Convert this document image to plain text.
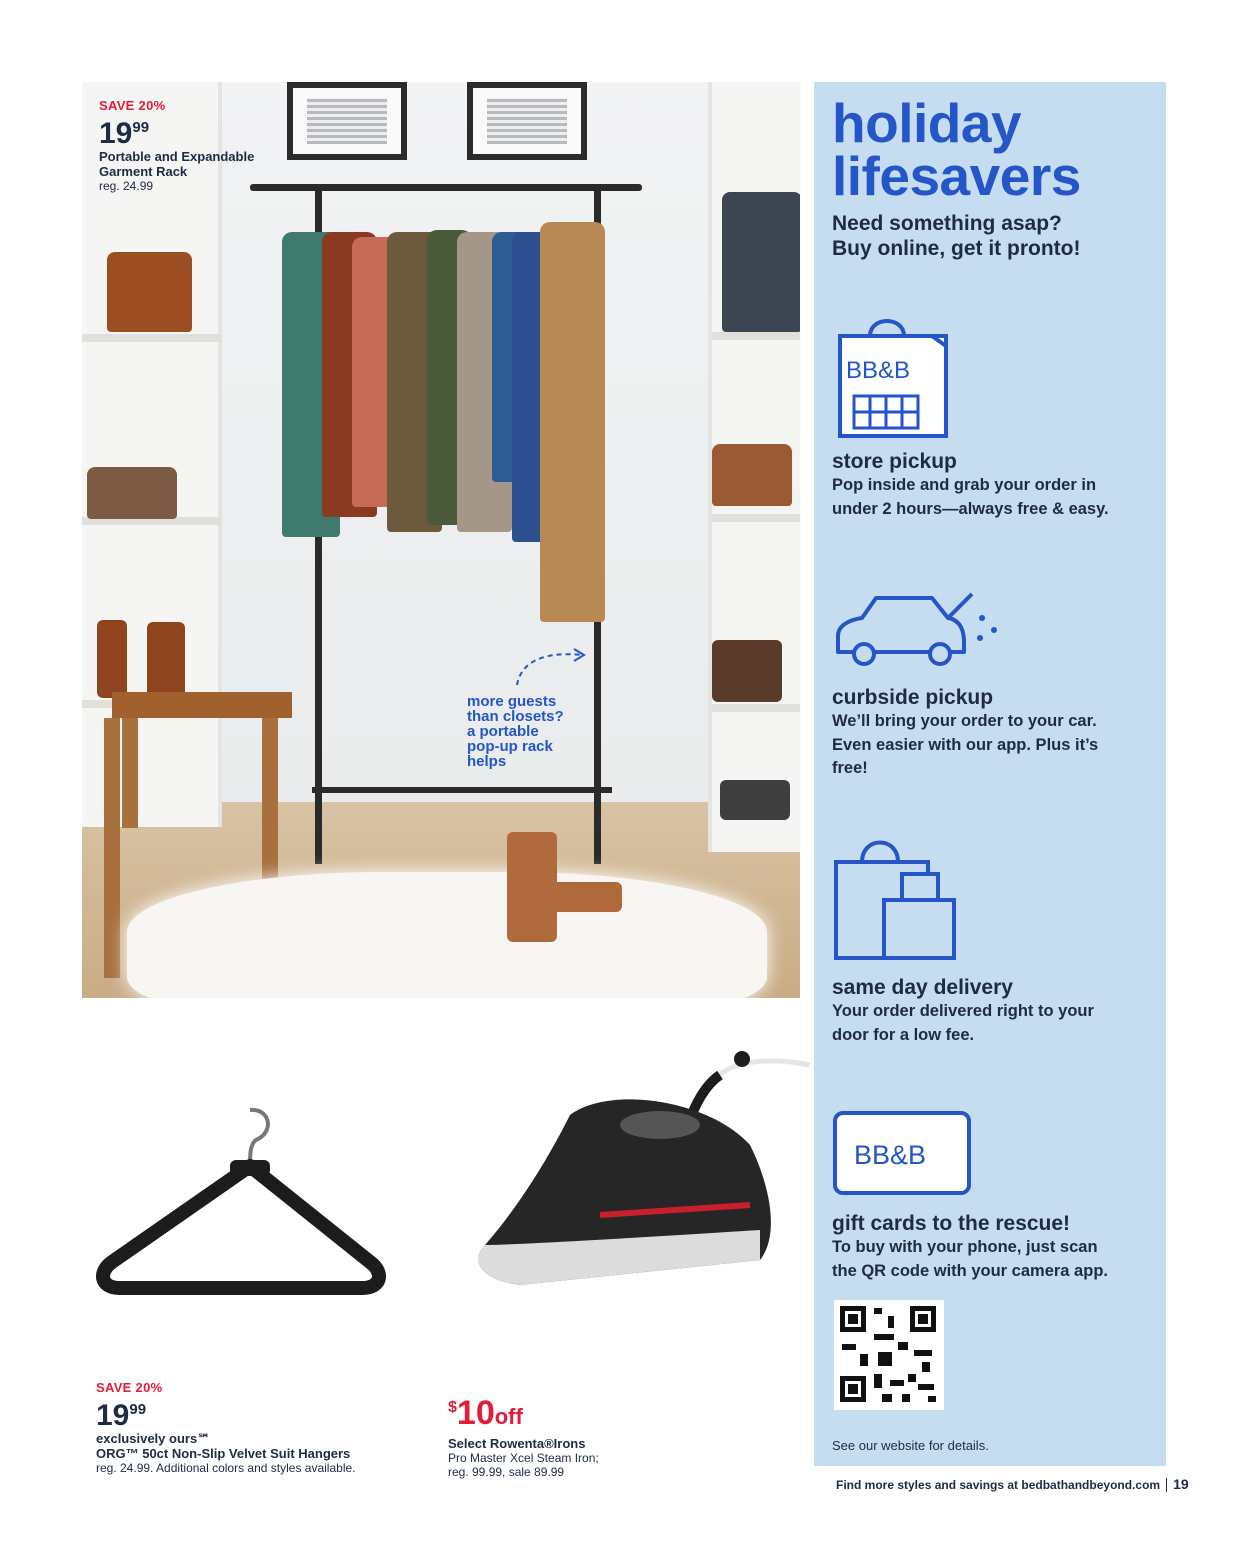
more guests
than closets?
a portable
pop-up rack
helps
SAVE 20%
$19^{99}$
Portable and Expandable
Garment Rack
reg. 24.99
SAVE 20%
$19^{99}$
exclusively ours℠
ORG™ 50ct Non-Slip Velvet Suit Hangers
reg. 24.99. Additional colors and styles available.
$10off
Select Rowenta®Irons
Pro Master Xcel Steam Iron;
reg. 99.99, sale 89.99
holiday
lifesavers
Need something asap?
Buy online, get it pronto!
BB&B
store pickup
Pop inside and grab your order in
under 2 hours—always free & easy.
curbside pickup
We’ll bring your order to your car.
Even easier with our app. Plus it’s
free!
same day delivery
Your order delivered right to your
door for a low fee.
BB&B
gift cards to the rescue!
To buy with your phone, just scan
the QR code with your camera app.
See our website for details.
Find more styles and savings at bedbathandbeyond.com 19
